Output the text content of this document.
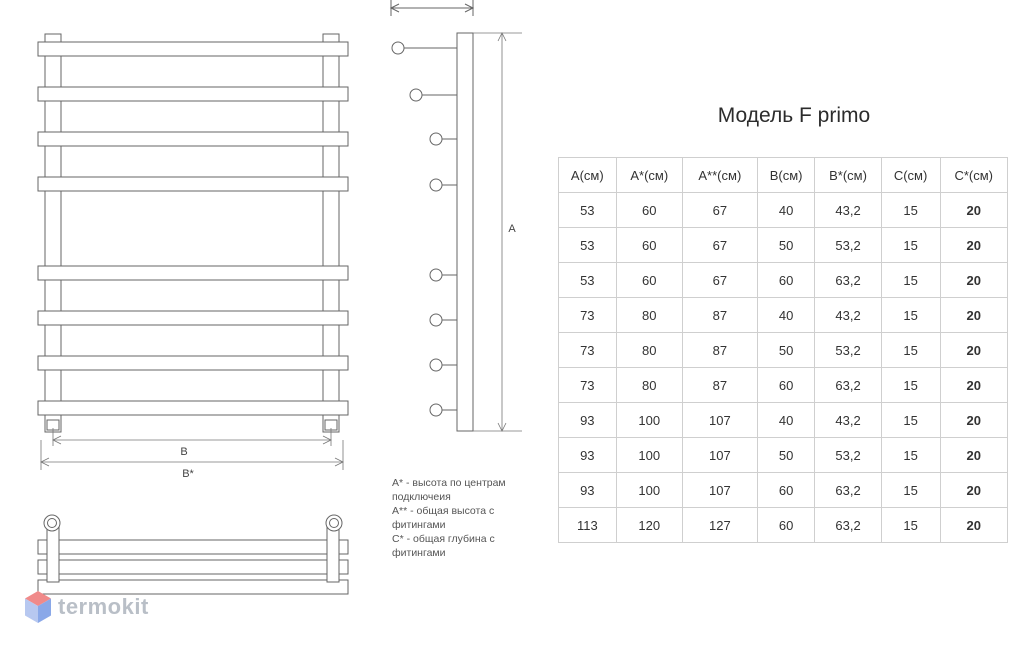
B
B*
A
A* - высота по центрам
подключеия
A** - общая высота с
фитингами
C* - общая глубина с
фитингами
Модель F primo
A(см)	A*(см)	A**(см)	B(см)	B*(см)	C(см)	C*(см)
53	60	67	40	43,2	15	20
53	60	67	50	53,2	15	20
53	60	67	60	63,2	15	20
73	80	87	40	43,2	15	20
73	80	87	50	53,2	15	20
73	80	87	60	63,2	15	20
93	100	107	40	43,2	15	20
93	100	107	50	53,2	15	20
93	100	107	60	63,2	15	20
113	120	127	60	63,2	15	20
termokit
